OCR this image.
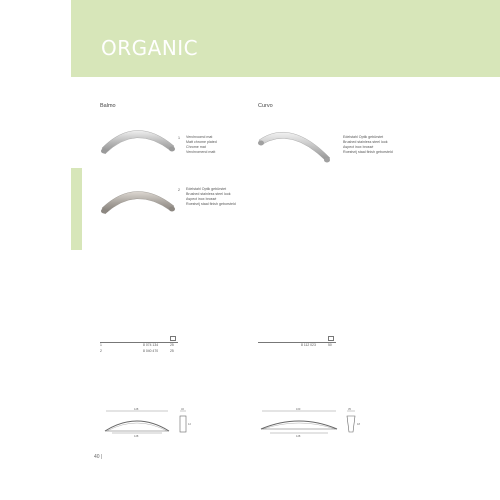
ORGANIC
Balmo
1 Verchroomd mat
Matt chrome plated
Chrome mat
Verchromend matt
2 Edelstahl Optik gebürstet
Brushed stainless steel look
Aspect inox brossé
Roestvrij staal finish geborsteld
Curvo
Edelstahl Optik gebürstet
Brushed stainless steel look
Aspect inox brossé
Roestvrij staal finish geborsteld
1	8 074 134	25
2	8 040 470	25
8 112 023	50
128
128
32
12
160
128
35
18
40 |
